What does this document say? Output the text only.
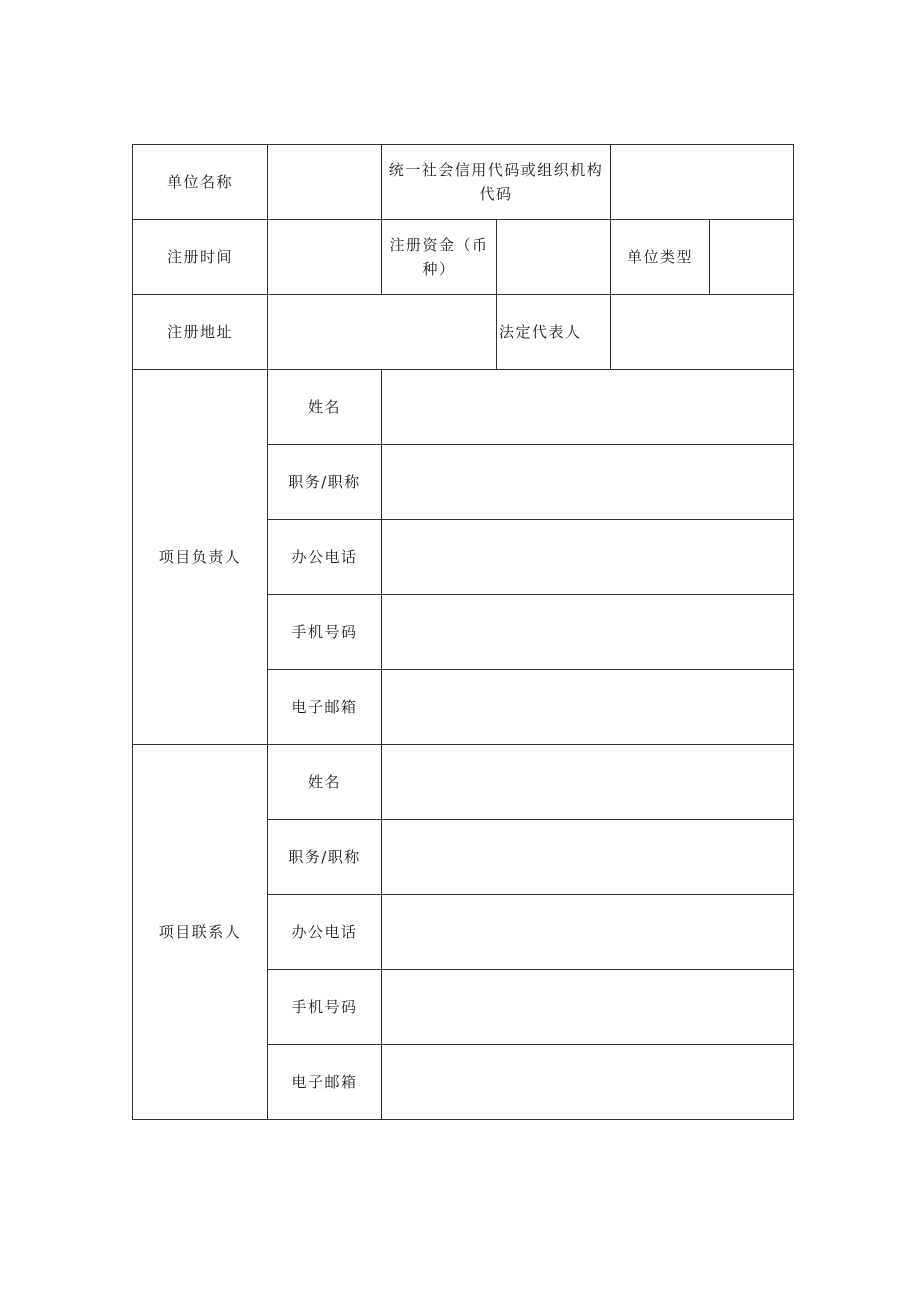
单位名称		统一社会信用代码或组织机构代码			
注册时间		注册资金（币种）		单位类型	
注册地址			法定代表人		
项目负责人	姓名				
	职务/职称				
	办公电话				
	手机号码				
	电子邮箱				
项目联系人	姓名				
	职务/职称				
	办公电话				
	手机号码				
	电子邮箱				
